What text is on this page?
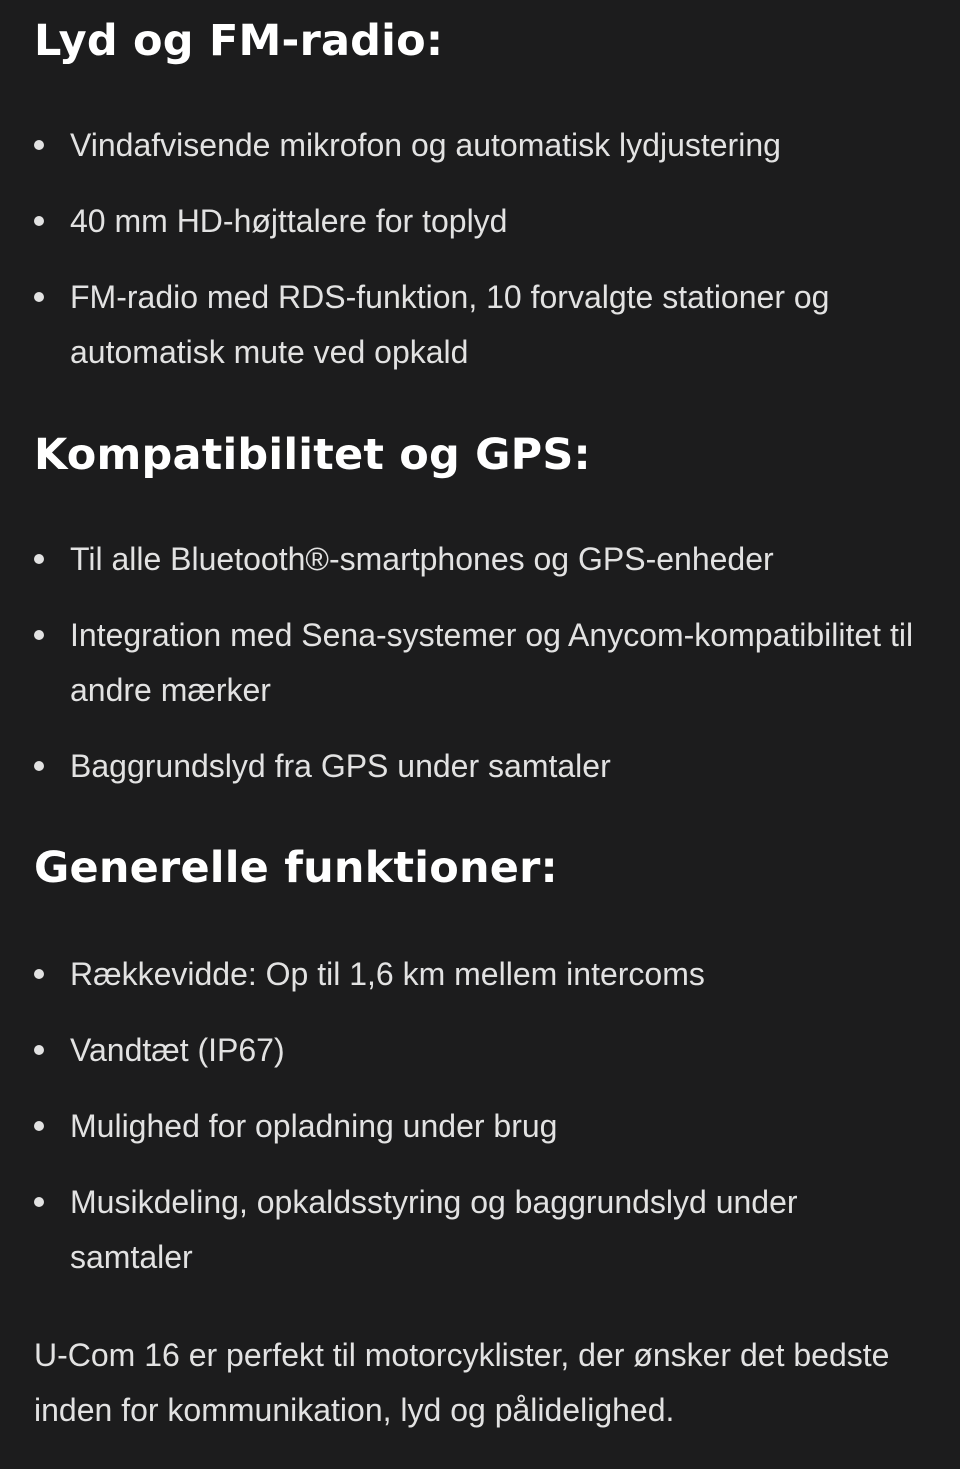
Lyd og FM-radio:
Vindafvisende mikrofon og automatisk lydjustering
40 mm HD-højttalere for toplyd
FM-radio med RDS-funktion, 10 forvalgte stationer og automatisk mute ved opkald
Kompatibilitet og GPS:
Til alle Bluetooth®-smartphones og GPS-enheder
Integration med Sena-systemer og Anycom-kompatibilitet til andre mærker
Baggrundslyd fra GPS under samtaler
Generelle funktioner:
Rækkevidde: Op til 1,6 km mellem intercoms
Vandtæt (IP67)
Mulighed for opladning under brug
Musikdeling, opkaldsstyring og baggrundslyd under samtaler

U-Com 16 er perfekt til motorcyklister, der ønsker det bedste inden for kommunikation, lyd og pålidelighed.
